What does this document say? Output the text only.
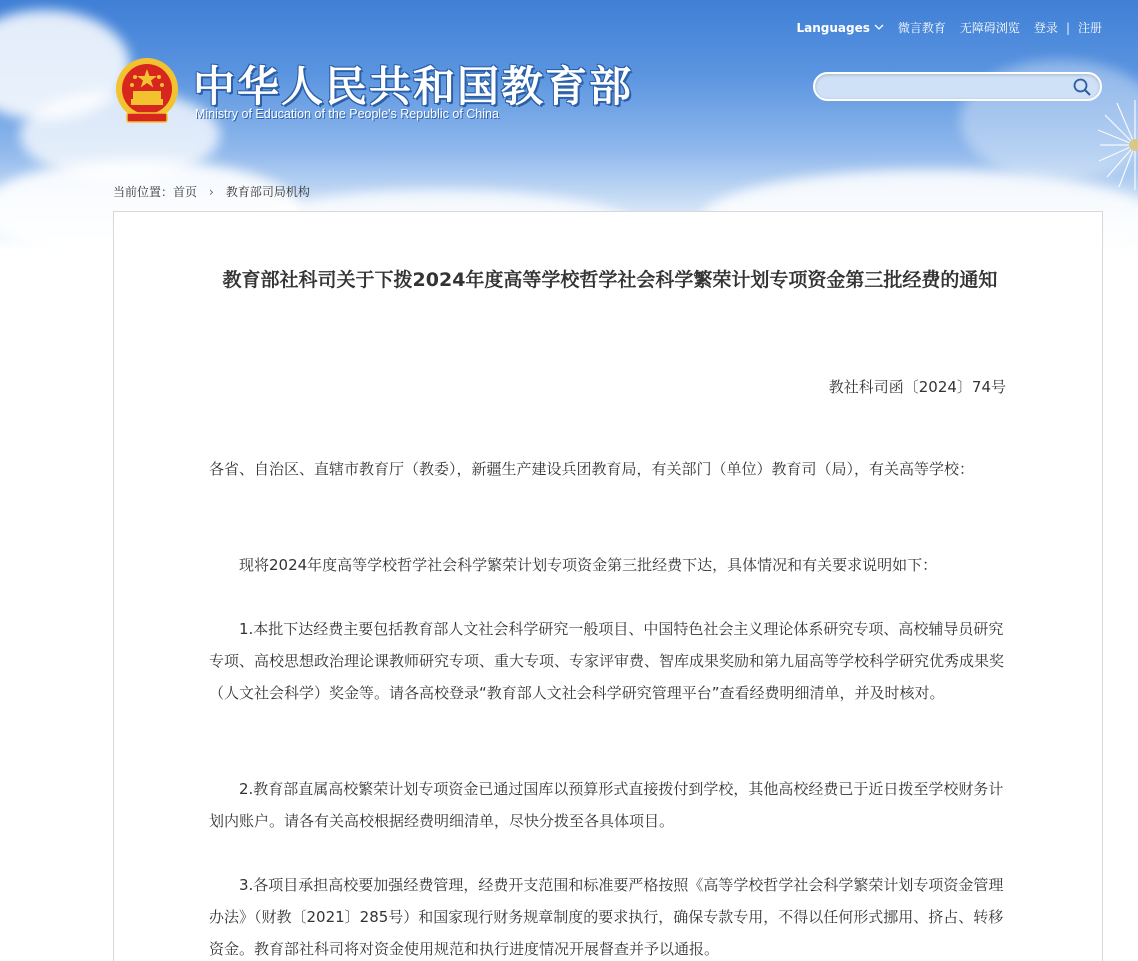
Languages 微言教育 无障碍浏览 登录 | 注册
中华人民共和国教育部
Ministry of Education of the People's Republic of China
当前位置： 首页 › 教育部司局机构
教育部社科司关于下拨2024年度高等学校哲学社会科学繁荣计划专项资金第三批经费的通知
教社科司函〔2024〕74号
各省、自治区、直辖市教育厅（教委），新疆生产建设兵团教育局，有关部门（单位）教育司（局），有关高等学校：
现将2024年度高等学校哲学社会科学繁荣计划专项资金第三批经费下达，具体情况和有关要求说明如下：
1.本批下达经费主要包括教育部人文社会科学研究一般项目、中国特色社会主义理论体系研究专项、高校辅导员研究专项、高校思想政治理论课教师研究专项、重大专项、专家评审费、智库成果奖励和第九届高等学校科学研究优秀成果奖（人文社会科学）奖金等。请各高校登录“教育部人文社会科学研究管理平台”查看经费明细清单，并及时核对。
2.教育部直属高校繁荣计划专项资金已通过国库以预算形式直接拨付到学校，其他高校经费已于近日拨至学校财务计划内账户。请各有关高校根据经费明细清单，尽快分拨至各具体项目。
3.各项目承担高校要加强经费管理，经费开支范围和标准要严格按照《高等学校哲学社会科学繁荣计划专项资金管理办法》（财教〔2021〕285号）和国家现行财务规章制度的要求执行，确保专款专用，不得以任何形式挪用、挤占、转移资金。教育部社科司将对资金使用规范和执行进度情况开展督查并予以通报。
